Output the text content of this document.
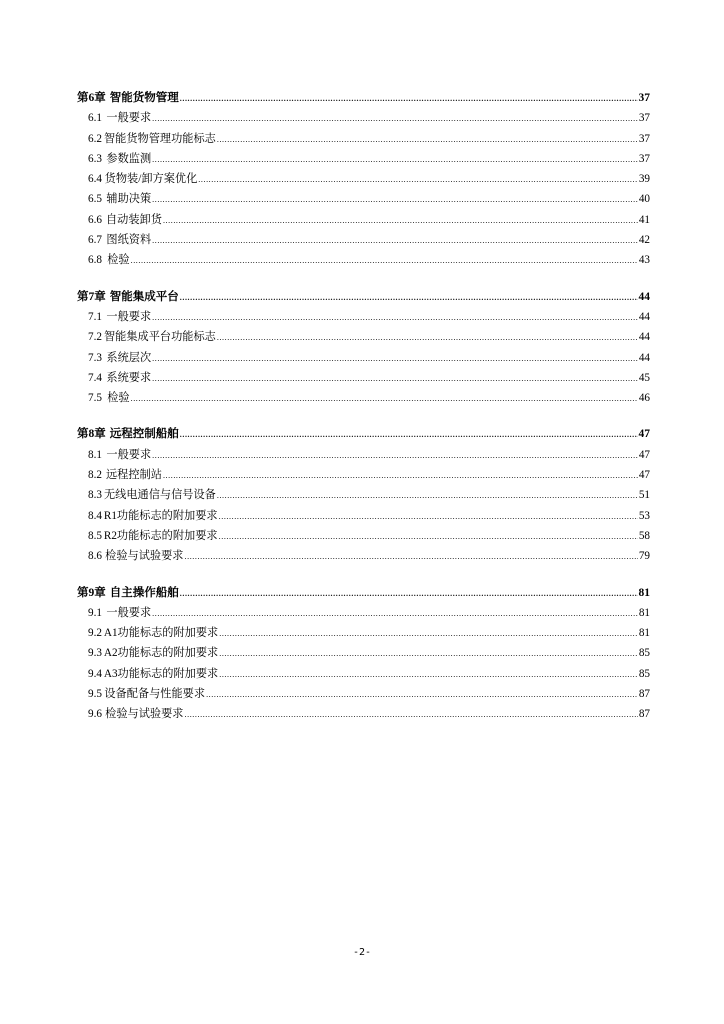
第6章 智能货物管理 .....	37
6.1 一般要求 .....	37
6.2 智能货物管理功能标志 .....	37
6.3 参数监测 .....	37
6.4 货物装/卸方案优化 .....	39
6.5 辅助决策 .....	40
6.6 自动装卸货 .....	41
6.7 图纸资料 .....	42
6.8 检验 .....	43
第7章 智能集成平台 .....	44
7.1 一般要求 .....	44
7.2 智能集成平台功能标志 .....	44
7.3 系统层次 .....	44
7.4 系统要求 .....	45
7.5 检验 .....	46
第8章 远程控制船舶 .....	47
8.1 一般要求 .....	47
8.2 远程控制站 .....	47
8.3 无线电通信与信号设备 .....	51
8.4 R1功能标志的附加要求 .....	53
8.5 R2功能标志的附加要求 .....	58
8.6 检验与试验要求 .....	79
第9章 自主操作船舶 .....	81
9.1 一般要求 .....	81
9.2 A1功能标志的附加要求 .....	81
9.3 A2功能标志的附加要求 .....	85
9.4 A3功能标志的附加要求 .....	85
9.5 设备配备与性能要求 .....	87
9.6 检验与试验要求 .....	87
-2-
